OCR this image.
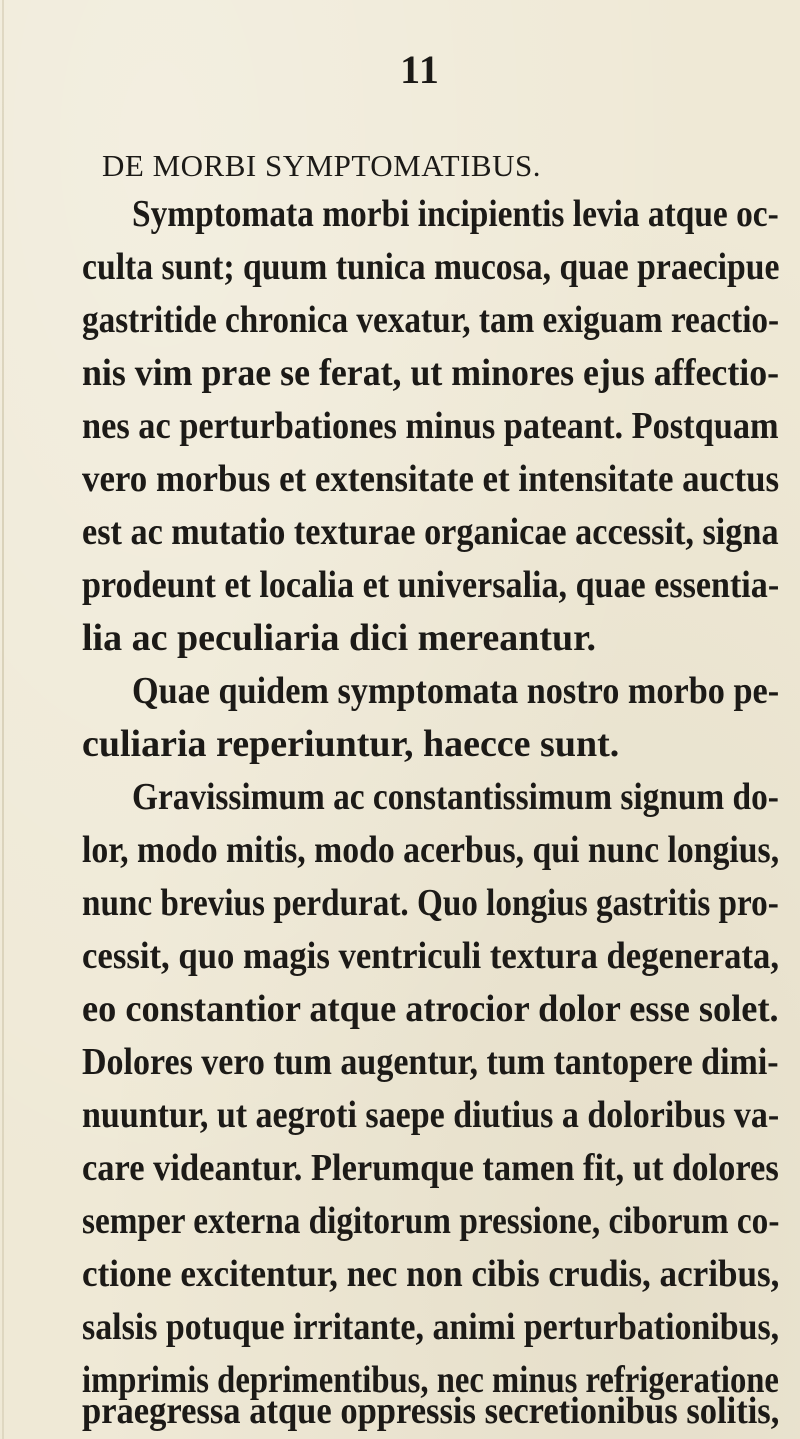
11
DE MORBI SYMPTOMATIBUS.
Symptomata morbi incipientis levia atque oc-
culta sunt; quum tunica mucosa, quae praecipue
gastritide chronica vexatur, tam exiguam reactio-
nis vim prae se ferat, ut minores ejus affectio-
nes ac perturbationes minus pateant. Postquam
vero morbus et extensitate et intensitate auctus
est ac mutatio texturae organicae accessit, signa
prodeunt et localia et universalia, quae essentia-
lia ac peculiaria dici mereantur.
Quae quidem symptomata nostro morbo pe-
culiaria reperiuntur, haecce sunt.
Gravissimum ac constantissimum signum do-
lor, modo mitis, modo acerbus, qui nunc longius,
nunc brevius perdurat. Quo longius gastritis pro-
cessit, quo magis ventriculi textura degenerata,
eo constantior atque atrocior dolor esse solet.
Dolores vero tum augentur, tum tantopere dimi-
nuuntur, ut aegroti saepe diutius a doloribus va-
care videantur. Plerumque tamen fit, ut dolores
semper externa digitorum pressione, ciborum co-
ctione excitentur, nec non cibis crudis, acribus,
salsis potuque irritante, animi perturbationibus,
imprimis deprimentibus, nec minus refrigeratione
praegressa atque oppressis secretionibus solitis,
